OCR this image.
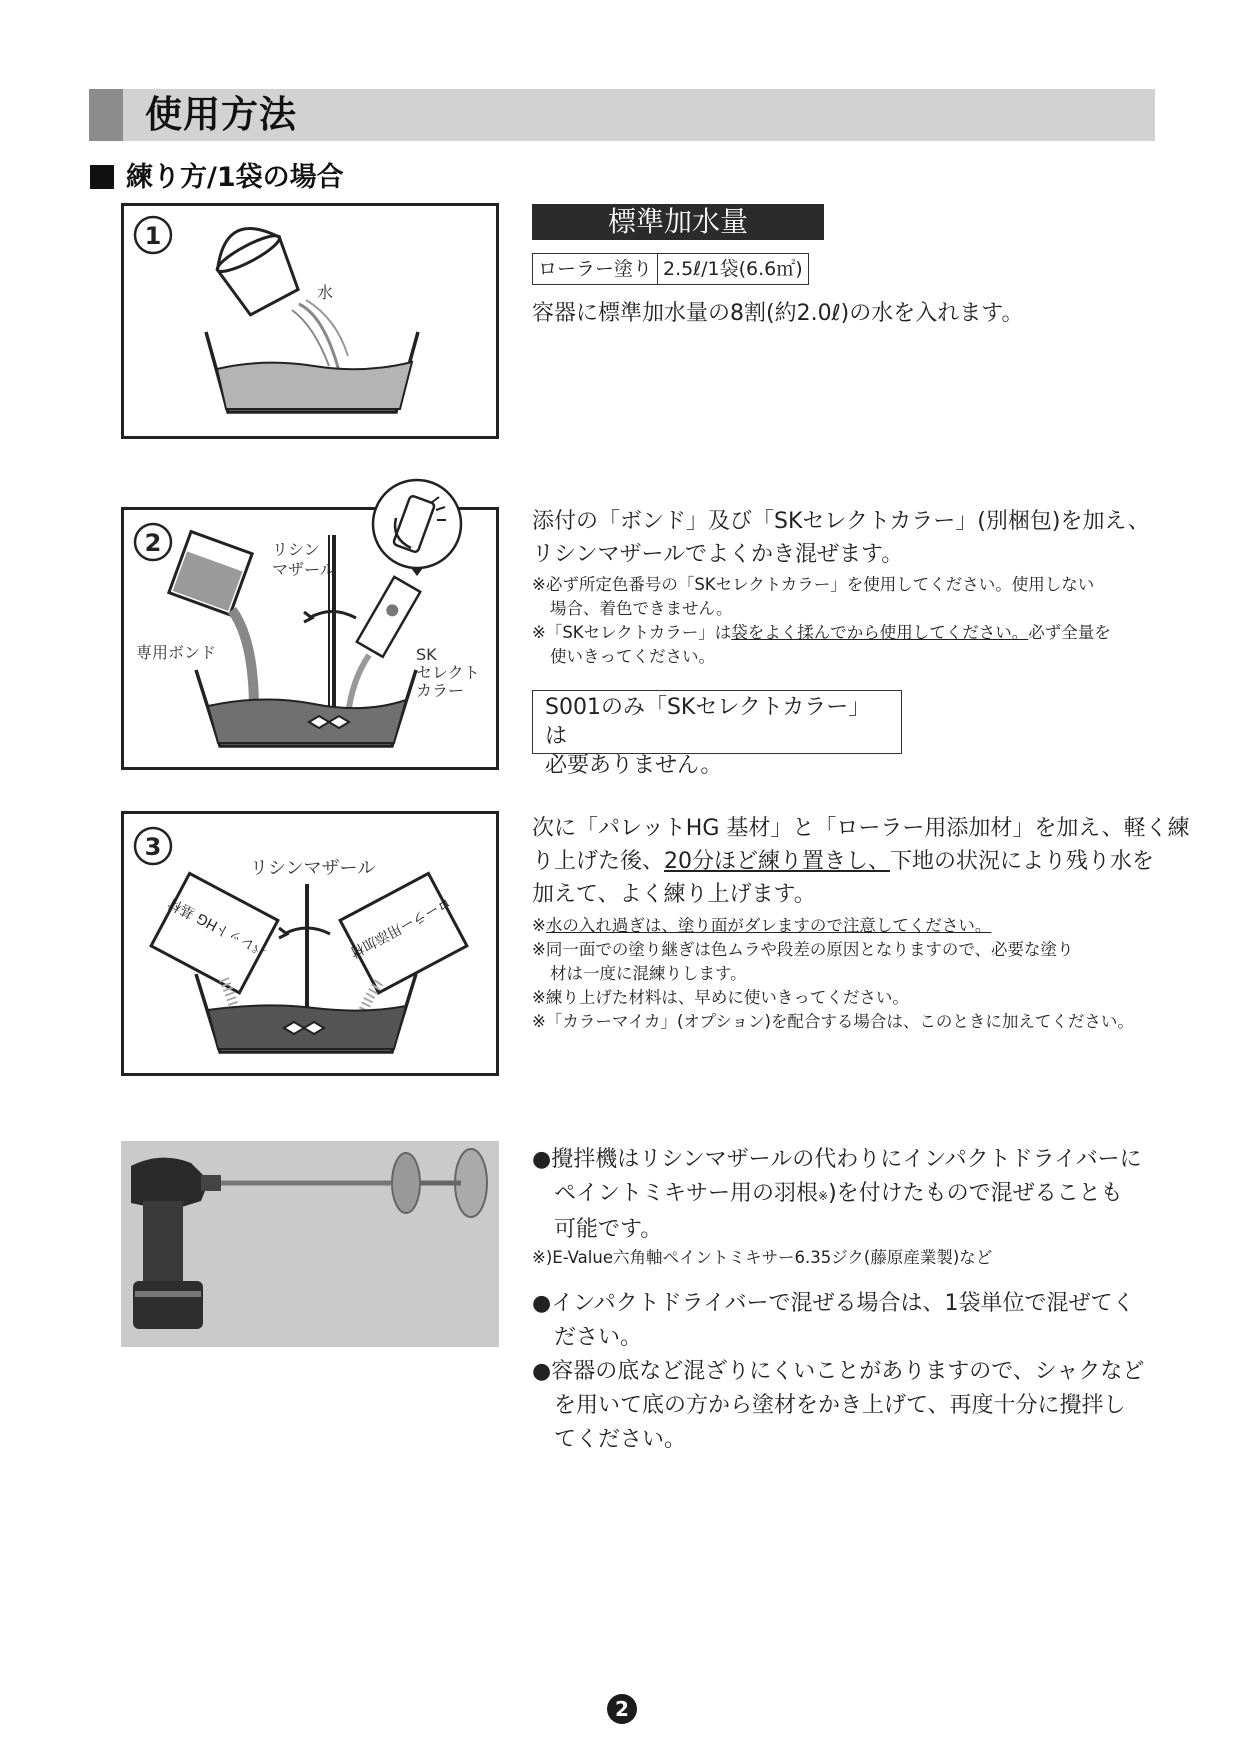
使用方法
練り方/1袋の場合
1
水
標準加水量
ローラー塗り	2.5ℓ/1袋(6.6㎡)
容器に標準加水量の8割(約2.0ℓ)の水を入れます。
2
専用ボンド
リシン
マザール
SK
セレクト
カラー
添付の「ボンド」及び「SKセレクトカラー」(別梱包)を加え、
リシンマザールでよくかき混ぜます。
※必ず所定色番号の「SKセレクトカラー」を使用してください。使用しない
場合、着色できません。
※「SKセレクトカラー」は袋をよく揉んでから使用してください。必ず全量を
使いきってください。
S001のみ「SKセレクトカラー」は
必要ありません。
3
リシンマザール
パレットHG 基材	ローラー用添加材
次に「パレットHG 基材」と「ローラー用添加材」を加え、軽く練
り上げた後、20分ほど練り置きし、下地の状況により残り水を
加えて、よく練り上げます。
※水の入れ過ぎは、塗り面がダレますので注意してください。
※同一面での塗り継ぎは色ムラや段差の原因となりますので、必要な塗り
材は一度に混練りします。
※練り上げた材料は、早めに使いきってください。
※「カラーマイカ」(オプション)を配合する場合は、このときに加えてください。
●攪拌機はリシンマザールの代わりにインパクトドライバーに
ペイントミキサー用の羽根※)を付けたもので混ぜることも
可能です。
※)E-Value六角軸ペイントミキサー6.35ジク(藤原産業製)など
●インパクトドライバーで混ぜる場合は、1袋単位で混ぜてく
ださい。
●容器の底など混ざりにくいことがありますので、シャクなど
を用いて底の方から塗材をかき上げて、再度十分に攪拌し
てください。
2
